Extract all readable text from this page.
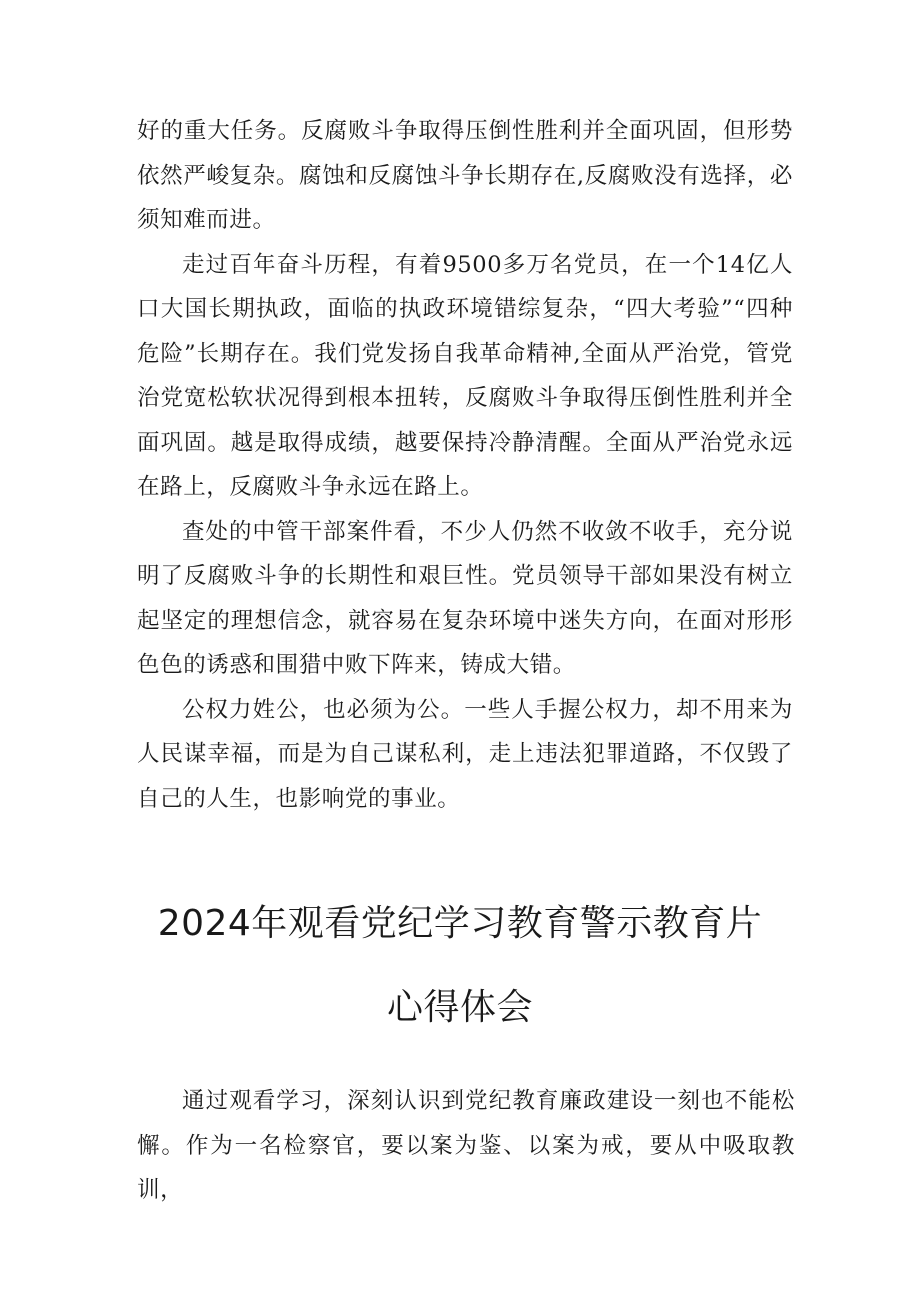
好的重大任务。反腐败斗争取得压倒性胜利并全面巩固，但形势依然严峻复杂。腐蚀和反腐蚀斗争长期存在,反腐败没有选择，必须知难而进。

走过百年奋斗历程，有着9500多万名党员，在一个14亿人口大国长期执政，面临的执政环境错综复杂，“四大考验”“四种危险”长期存在。我们党发扬自我革命精神,全面从严治党，管党治党宽松软状况得到根本扭转，反腐败斗争取得压倒性胜利并全面巩固。越是取得成绩，越要保持冷静清醒。全面从严治党永远在路上，反腐败斗争永远在路上。

查处的中管干部案件看，不少人仍然不收敛不收手，充分说明了反腐败斗争的长期性和艰巨性。党员领导干部如果没有树立起坚定的理想信念，就容易在复杂环境中迷失方向，在面对形形色色的诱惑和围猎中败下阵来，铸成大错。

公权力姓公，也必须为公。一些人手握公权力，却不用来为人民谋幸福，而是为自己谋私利，走上违法犯罪道路，不仅毁了自己的人生，也影响党的事业。

2024年观看党纪学习教育警示教育片
心得体会

通过观看学习，深刻认识到党纪教育廉政建设一刻也不能松懈。作为一名检察官，要以案为鉴、以案为戒，要从中吸取教训，
